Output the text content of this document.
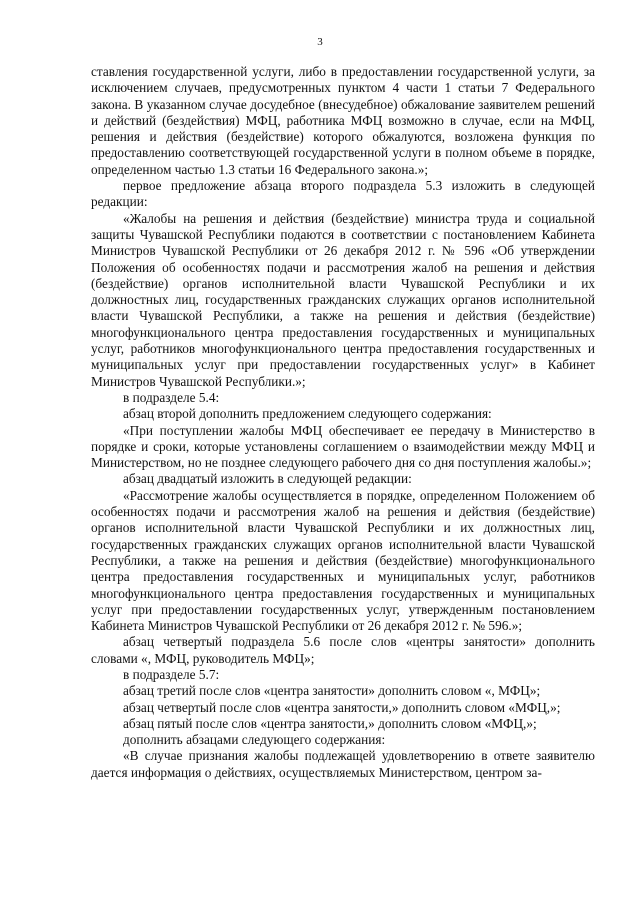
3

ставления государственной услуги, либо в предоставлении государственной услуги, за исключением случаев, предусмотренных пунктом 4 части 1 статьи 7 Федерального закона. В указанном случае досудебное (внесудебное) обжалование заявителем решений и действий (бездействия) МФЦ, работника МФЦ возможно в случае, если на МФЦ, решения и действия (бездействие) которого обжалуются, возложена функция по предоставлению соответствующей государственной услуги в полном объеме в порядке, определенном частью 1.3 статьи 16 Федерального закона.»;

первое предложение абзаца второго подраздела 5.3 изложить в следующей редакции:

«Жалобы на решения и действия (бездействие) министра труда и социальной защиты Чувашской Республики подаются в соответствии с постановлением Кабинета Министров Чувашской Республики от 26 декабря 2012 г. № 596 «Об утверждении Положения об особенностях подачи и рассмотрения жалоб на решения и действия (бездействие) органов исполнительной власти Чувашской Республики и их должностных лиц, государственных гражданских служащих органов исполнительной власти Чувашской Республики, а также на решения и действия (бездействие) многофункционального центра предоставления государственных и муниципальных услуг, работников многофункционального центра предоставления государственных и муниципальных услуг при предоставлении государственных услуг» в Кабинет Министров Чувашской Республики.»;

в подразделе 5.4:

абзац второй дополнить предложением следующего содержания:

«При поступлении жалобы МФЦ обеспечивает ее передачу в Министерство в порядке и сроки, которые установлены соглашением о взаимодействии между МФЦ и Министерством, но не позднее следующего рабочего дня со дня поступления жалобы.»;

абзац двадцатый изложить в следующей редакции:

«Рассмотрение жалобы осуществляется в порядке, определенном Положением об особенностях подачи и рассмотрения жалоб на решения и действия (бездействие) органов исполнительной власти Чувашской Республики и их должностных лиц, государственных гражданских служащих органов исполнительной власти Чувашской Республики, а также на решения и действия (бездействие) многофункционального центра предоставления государственных и муниципальных услуг, работников многофункционального центра предоставления государственных и муниципальных услуг при предоставлении государственных услуг, утвержденным постановлением Кабинета Министров Чувашской Республики от 26 декабря 2012 г. № 596.»;

абзац четвертый подраздела 5.6 после слов «центры занятости» дополнить словами «, МФЦ, руководитель МФЦ»;

в подразделе 5.7:

абзац третий после слов «центра занятости» дополнить словом «, МФЦ»;

абзац четвертый после слов «центра занятости,» дополнить словом «МФЦ,»;

абзац пятый после слов «центра занятости,» дополнить словом «МФЦ,»;

дополнить абзацами следующего содержания:

«В случае признания жалобы подлежащей удовлетворению в ответе заявителю дается информация о действиях, осуществляемых Министерством, центром за-
